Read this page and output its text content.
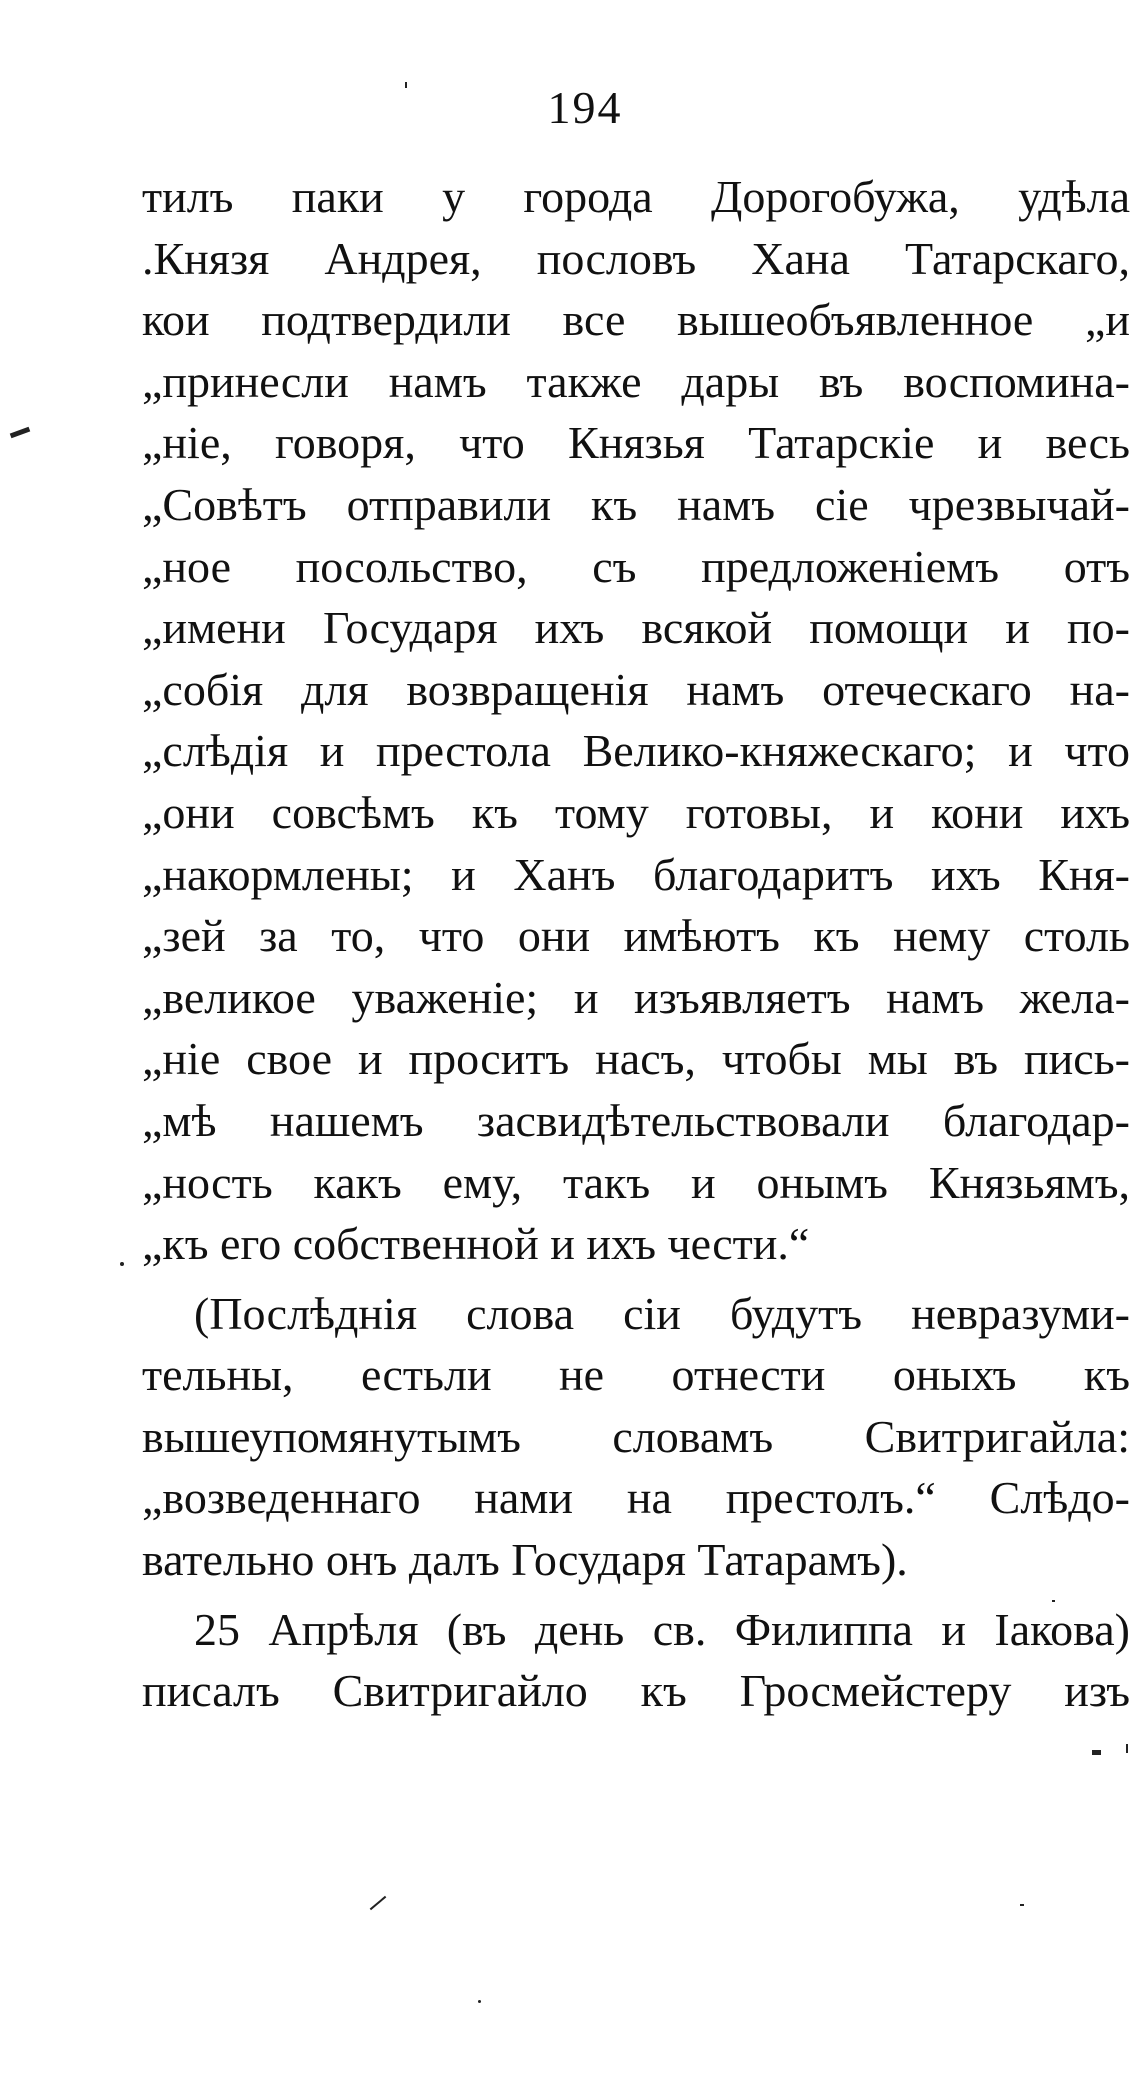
194
тилъ паки у города Дорогобужа, удѣла
.Князя Андрея, пословъ Хана Татарскаго,
кои подтвердили все вышеобъявленное „и
„принесли намъ также дары въ воспомина-
„ніе, говоря, что Князья Татарскіе и весь
„Совѣтъ отправили къ намъ сіе чрезвычай-
„ное посольство, съ предложеніемъ отъ
„имени Государя ихъ всякой помощи и по-
„собія для возвращенія намъ отеческаго на-
„слѣдія и престола Велико-княжескаго; и что
„они совсѣмъ къ тому готовы, и кони ихъ
„накормлены; и Ханъ благодаритъ ихъ Кня-
„зей за то, что они имѣютъ къ нему столь
„великое уваженіе; и изъявляетъ намъ жела-
„ніе свое и проситъ насъ, чтобы мы въ пись-
„мѣ нашемъ засвидѣтельствовали благодар-
„ность какъ ему, такъ и онымъ Князьямъ,
„къ его собственной и ихъ чести.“
(Послѣднія слова сіи будутъ невразуми-
тельны, естьли не отнести оныхъ къ
вышеупомянутымъ словамъ Свитригайла:
„возведеннаго нами на престолъ.“ Слѣдо-
вательно онъ далъ Государя Татарамъ).
25 Апрѣля (въ день св. Филиппа и Іакова)
писалъ Свитригайло къ Гросмейстеру изъ
